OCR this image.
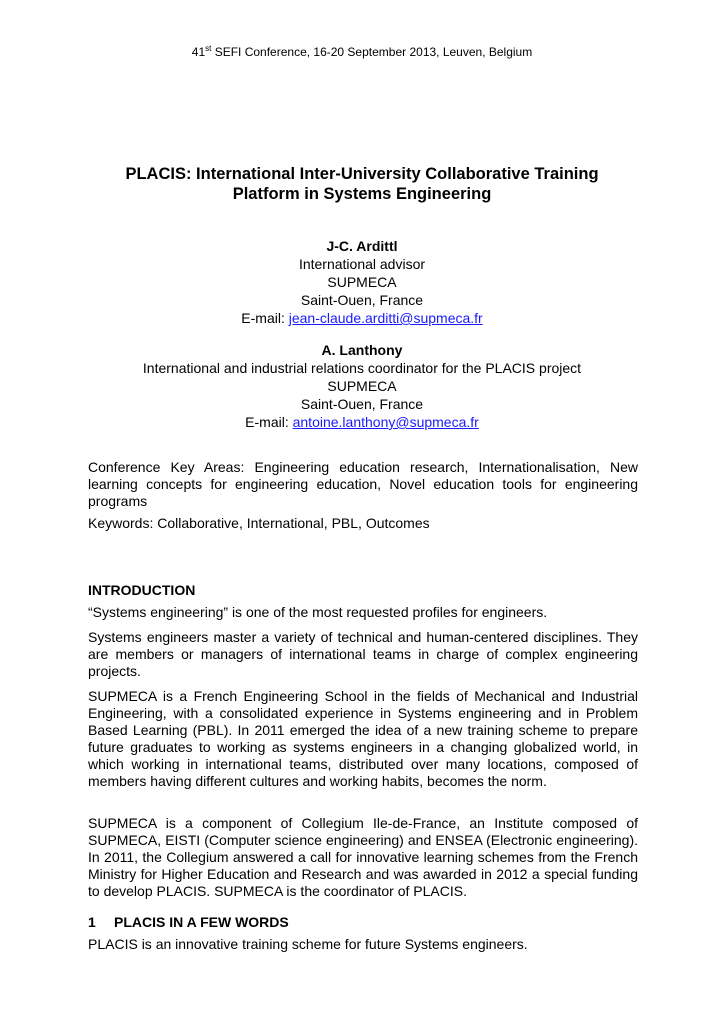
41st SEFI Conference, 16-20 September 2013, Leuven, Belgium
PLACIS: International Inter-University Collaborative Training
Platform in Systems Engineering
J-C. Ardittl
International advisor
SUPMECA
Saint-Ouen, France
E-mail: jean-claude.arditti@supmeca.fr
A. Lanthony
International and industrial relations coordinator for the PLACIS project
SUPMECA
Saint-Ouen, France
E-mail: antoine.lanthony@supmeca.fr
Conference Key Areas: Engineering education research, Internationalisation, New learning concepts for engineering education, Novel education tools for engineering programs
Keywords: Collaborative, International, PBL, Outcomes
INTRODUCTION
“Systems engineering” is one of the most requested profiles for engineers.
Systems engineers master a variety of technical and human-centered disciplines. They are members or managers of international teams in charge of complex engineering projects.
SUPMECA is a French Engineering School in the fields of Mechanical and Industrial Engineering, with a consolidated experience in Systems engineering and in Problem Based Learning (PBL). In 2011 emerged the idea of a new training scheme to prepare future graduates to working as systems engineers in a changing globalized world, in which working in international teams, distributed over many locations, composed of members having different cultures and working habits, becomes the norm.
SUPMECA is a component of Collegium Ile-de-France, an Institute composed of SUPMECA, EISTI (Computer science engineering) and ENSEA (Electronic engineering). In 2011, the Collegium answered a call for innovative learning schemes from the French Ministry for Higher Education and Research and was awarded in 2012 a special funding to develop PLACIS. SUPMECA is the coordinator of PLACIS.
1 PLACIS IN A FEW WORDS
PLACIS is an innovative training scheme for future Systems engineers.
